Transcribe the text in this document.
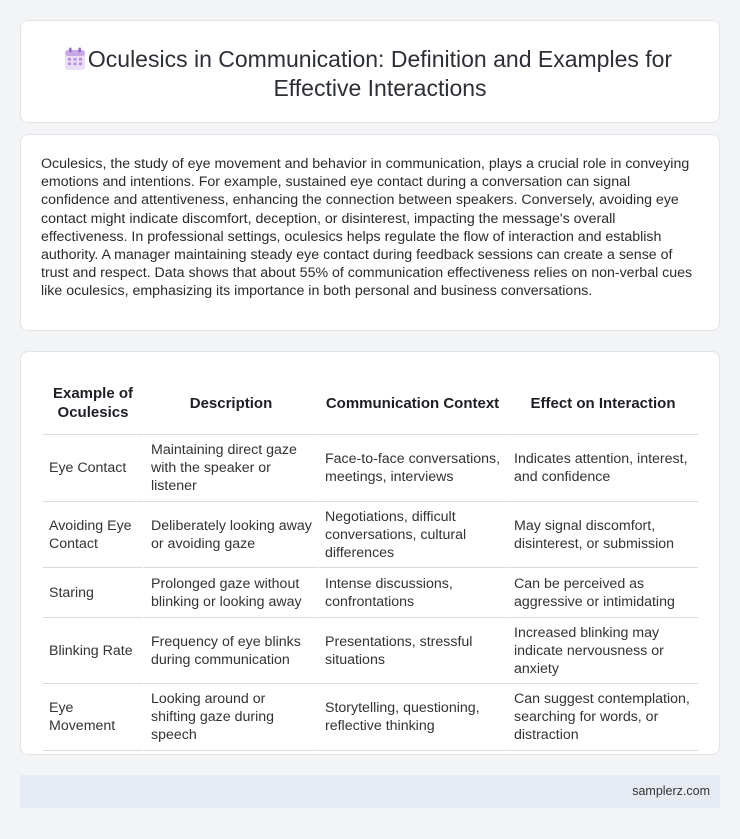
Oculesics in Communication: Definition and Examples for Effective Interactions

Oculesics, the study of eye movement and behavior in communication, plays a crucial role in conveying emotions and intentions. For example, sustained eye contact during a conversation can signal confidence and attentiveness, enhancing the connection between speakers. Conversely, avoiding eye contact might indicate discomfort, deception, or disinterest, impacting the message's overall effectiveness. In professional settings, oculesics helps regulate the flow of interaction and establish authority. A manager maintaining steady eye contact during feedback sessions can create a sense of trust and respect. Data shows that about 55% of communication effectiveness relies on non-verbal cues like oculesics, emphasizing its importance in both personal and business conversations.

Example of Oculesics	Description	Communication Context	Effect on Interaction
Eye Contact	Maintaining direct gaze with the speaker or listener	Face-to-face conversations, meetings, interviews	Indicates attention, interest, and confidence
Avoiding Eye Contact	Deliberately looking away or avoiding gaze	Negotiations, difficult conversations, cultural differences	May signal discomfort, disinterest, or submission
Staring	Prolonged gaze without blinking or looking away	Intense discussions, confrontations	Can be perceived as aggressive or intimidating
Blinking Rate	Frequency of eye blinks during communication	Presentations, stressful situations	Increased blinking may indicate nervousness or anxiety
Eye Movement	Looking around or shifting gaze during speech	Storytelling, questioning, reflective thinking	Can suggest contemplation, searching for words, or distraction
samplerz.com
